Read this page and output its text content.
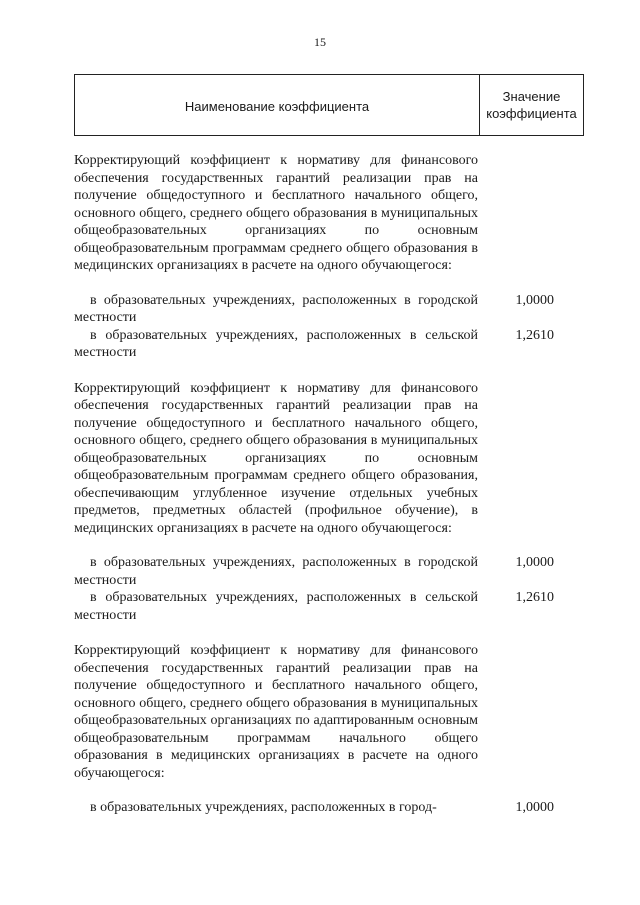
15
Наименование коэффициента
Значение коэффициента

Корректирующий коэффициент к нормативу для финансового обеспечения государственных гарантий реализации прав на получение общедоступного и бесплатного начального общего, основного общего, среднего общего образования в муниципальных общеобразовательных организациях по основным общеобразовательным программам среднего общего образования в медицинских организациях в расчете на одного обучающегося:

в образовательных учреждениях, расположенных в городской местности
1,0000
в образовательных учреждениях, расположенных в сельской местности
1,2610

Корректирующий коэффициент к нормативу для финансового обеспечения государственных гарантий реализации прав на получение общедоступного и бесплатного начального общего, основного общего, среднего общего образования в муниципальных общеобразовательных организациях по основным общеобразовательным программам среднего общего образования, обеспечивающим углубленное изучение отдельных учебных предметов, предметных областей (профильное обучение), в медицинских организациях в расчете на одного обучающегося:

в образовательных учреждениях, расположенных в городской местности
1,0000
в образовательных учреждениях, расположенных в сельской местности
1,2610

Корректирующий коэффициент к нормативу для финансового обеспечения государственных гарантий реализации прав на получение общедоступного и бесплатного начального общего, основного общего, среднего общего образования в муниципальных общеобразовательных организациях по адаптированным основным общеобразовательным программам начального общего образования в медицинских организациях в расчете на одного обучающегося:

в образовательных учреждениях, расположенных в город-	1,0000
